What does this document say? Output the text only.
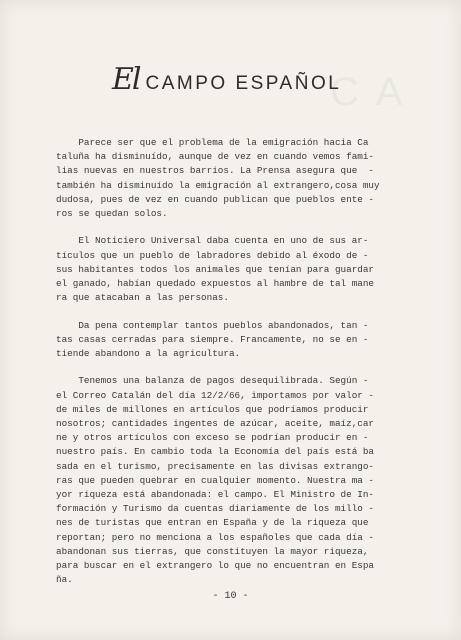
C A
El CAMPO ESPAÑOL
Parece ser que el problema de la emigración hacia Ca
taluña ha disminuído, aunque de vez en cuando vemos fami-
lias nuevas en nuestros barrios. La Prensa asegura que  -
también ha disminuído la emigración al extrangero,cosa muy
dudosa, pues de vez en cuando publican que pueblos ente -
ros se quedan solos.
El Noticiero Universal daba cuenta en uno de sus ar-
tículos que un pueblo de labradores debido al éxodo de -
sus habitantes todos los animales que tenían para guardar
el ganado, habían quedado expuestos al hambre de tal mane
ra que atacaban a las personas.
Da pena contemplar tantos pueblos abandonados, tan -
tas casas cerradas para siempre. Francamente, no se en -
tiende abandono a la agricultura.
Tenemos una balanza de pagos desequilibrada. Según -
el Correo Catalán del día 12/2/66, importamos por valor -
de miles de millones en artículos que podríamos producir
nosotros; cantidades ingentes de azúcar, aceite, maíz,car
ne y otros artículos con exceso se podrían producir en -
nuestro país. En cambio toda la Economía del país está ba
sada en el turismo, precisamente en las divisas extrango-
ras que pueden quebrar en cualquier momento. Nuestra ma -
yor riqueza está abandonada: el campo. El Ministro de In-
formación y Turismo da cuentas diariamente de los millo -
nes de turistas que entran en España y de la riqueza que
reportan; pero no menciona a los españoles que cada día -
abandonan sus tierras, que constituyen la mayor riqueza,
para buscar en el extrangero lo que no encuentran en Espa
ña.
- 10 -
